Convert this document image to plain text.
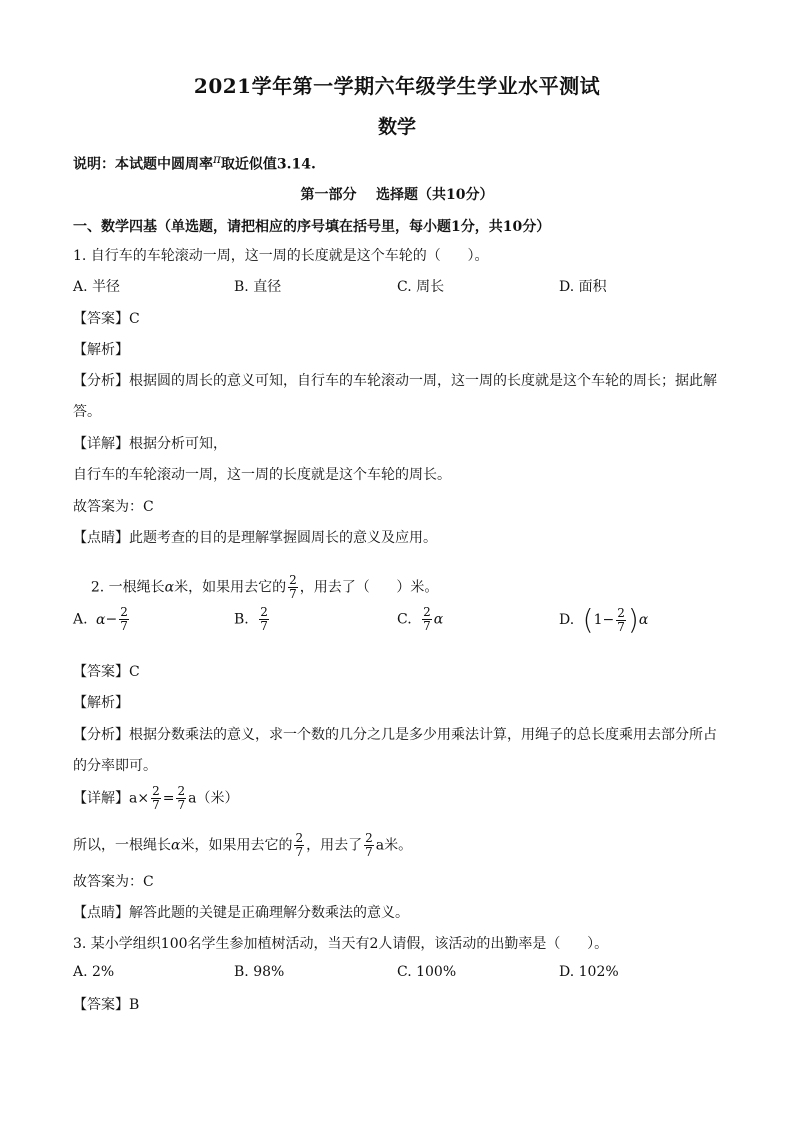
2021学年第一学期六年级学生学业水平测试
数学
说明：本试题中圆周率π取近似值3.14.
第一部分    选择题（共10分）
一、数学四基（单选题，请把相应的序号填在括号里，每小题1分，共10分）
1. 自行车的车轮滚动一周，这一周的长度就是这个车轮的（      ）。
A. 半径	B. 直径	C. 周长	D. 面积
【答案】C
【解析】
【分析】根据圆的周长的意义可知，自行车的车轮滚动一周，这一周的长度就是这个车轮的周长；据此解
答。
【详解】根据分析可知，
自行车的车轮滚动一周，这一周的长度就是这个车轮的周长。
故答案为：C
【点睛】此题考查的目的是理解掌握圆周长的意义及应用。

2. 一根绳长α米，如果用去它的 $\frac{2}{7}$ ，用去了（      ）米。

A. $\alpha- \frac{2}{7}$	B. $\frac{2}{7}$	C. $\frac{2}{7}$ α	D. $(1- \frac{2}{7} )\alpha$
【答案】C
【解析】
【分析】根据分数乘法的意义，求一个数的几分之几是多少用乘法计算，用绳子的总长度乘用去部分所占
的分率即可。
【详解】$a\times \frac{2}{7} = \frac{2}{7} a$（米）
所以，一根绳长α米，如果用去它的 $\frac{2}{7}$ ，用去了 $\frac{2}{7}$ a米。
故答案为：C
【点睛】解答此题的关键是正确理解分数乘法的意义。
3. 某小学组织100名学生参加植树活动，当天有2人请假，该活动的出勤率是（      ）。
A. 2%	B. 98%	C. 100%	D. 102%
【答案】B
